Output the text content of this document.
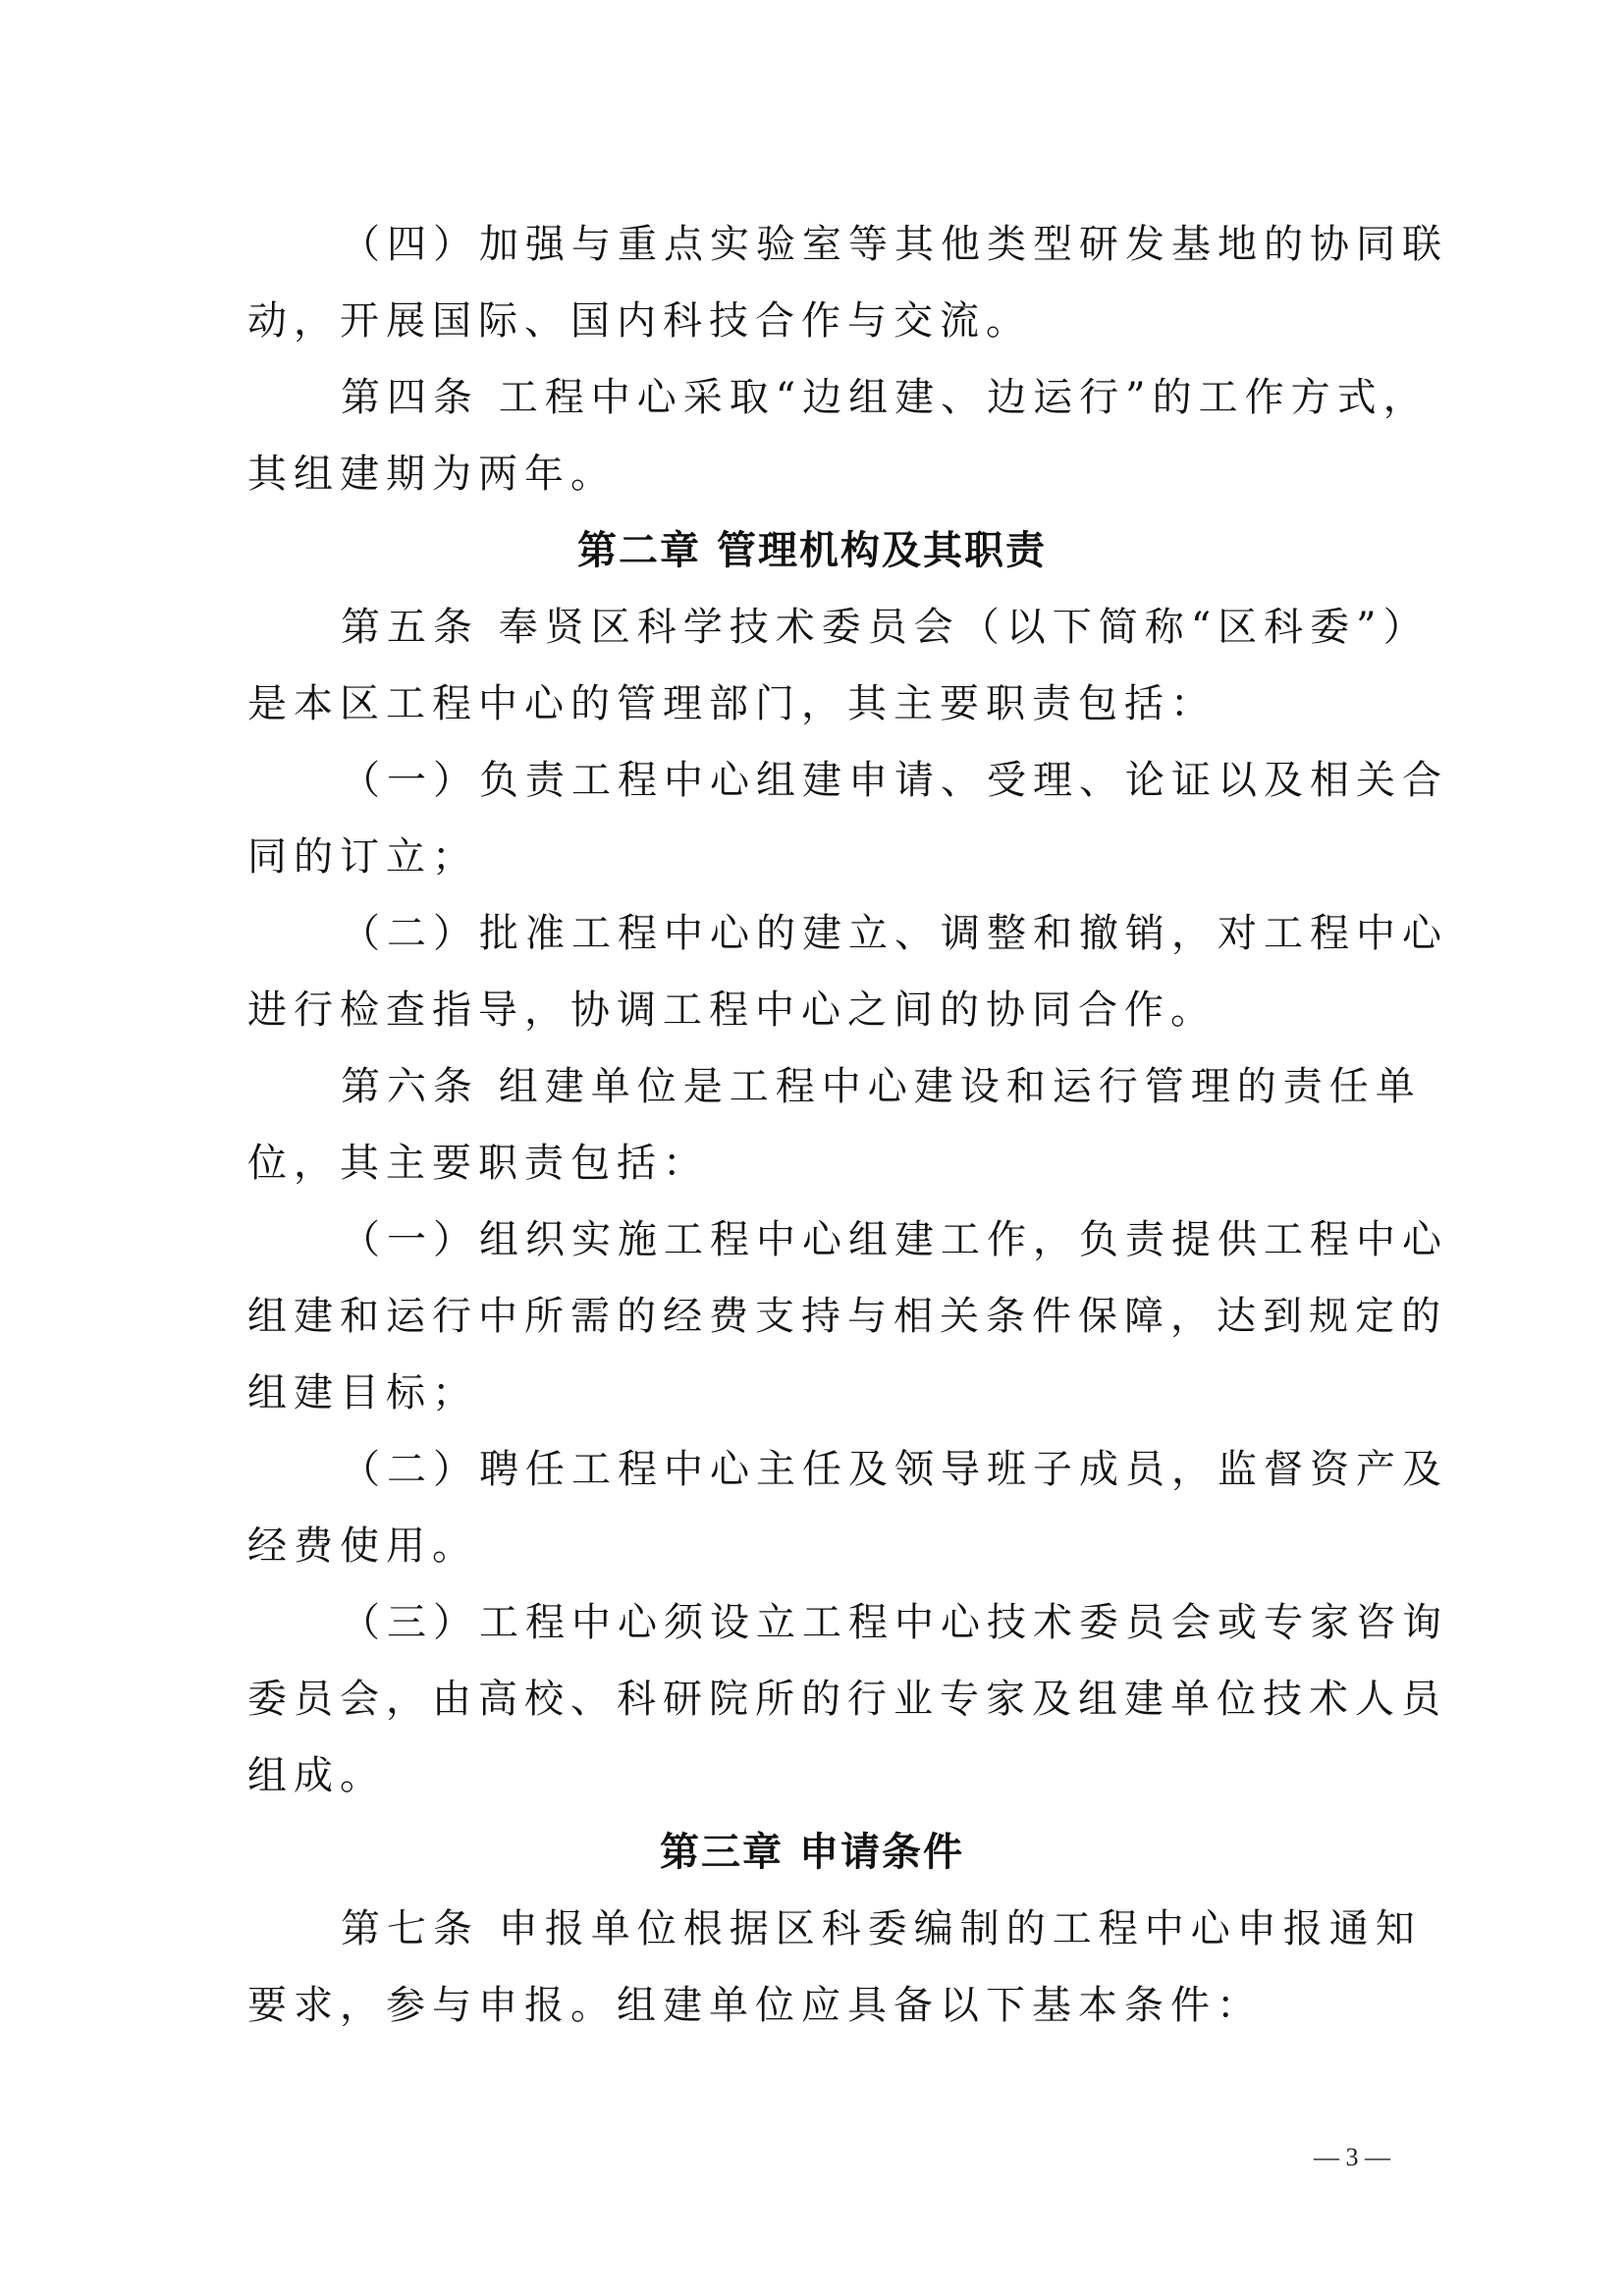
（四）加强与重点实验室等其他类型研发基地的协同联
动，开展国际、国内科技合作与交流。
第四条 工程中心采取“边组建、边运行”的工作方式，
其组建期为两年。
第二章 管理机构及其职责
第五条 奉贤区科学技术委员会（以下简称“区科委”）
是本区工程中心的管理部门，其主要职责包括：
（一）负责工程中心组建申请、受理、论证以及相关合
同的订立；
（二）批准工程中心的建立、调整和撤销，对工程中心
进行检查指导，协调工程中心之间的协同合作。
第六条 组建单位是工程中心建设和运行管理的责任单
位，其主要职责包括：
（一）组织实施工程中心组建工作，负责提供工程中心
组建和运行中所需的经费支持与相关条件保障，达到规定的
组建目标；
（二）聘任工程中心主任及领导班子成员，监督资产及
经费使用。
（三）工程中心须设立工程中心技术委员会或专家咨询
委员会，由高校、科研院所的行业专家及组建单位技术人员
组成。
第三章 申请条件
第七条 申报单位根据区科委编制的工程中心申报通知
要求，参与申报。组建单位应具备以下基本条件：
— 3 —
